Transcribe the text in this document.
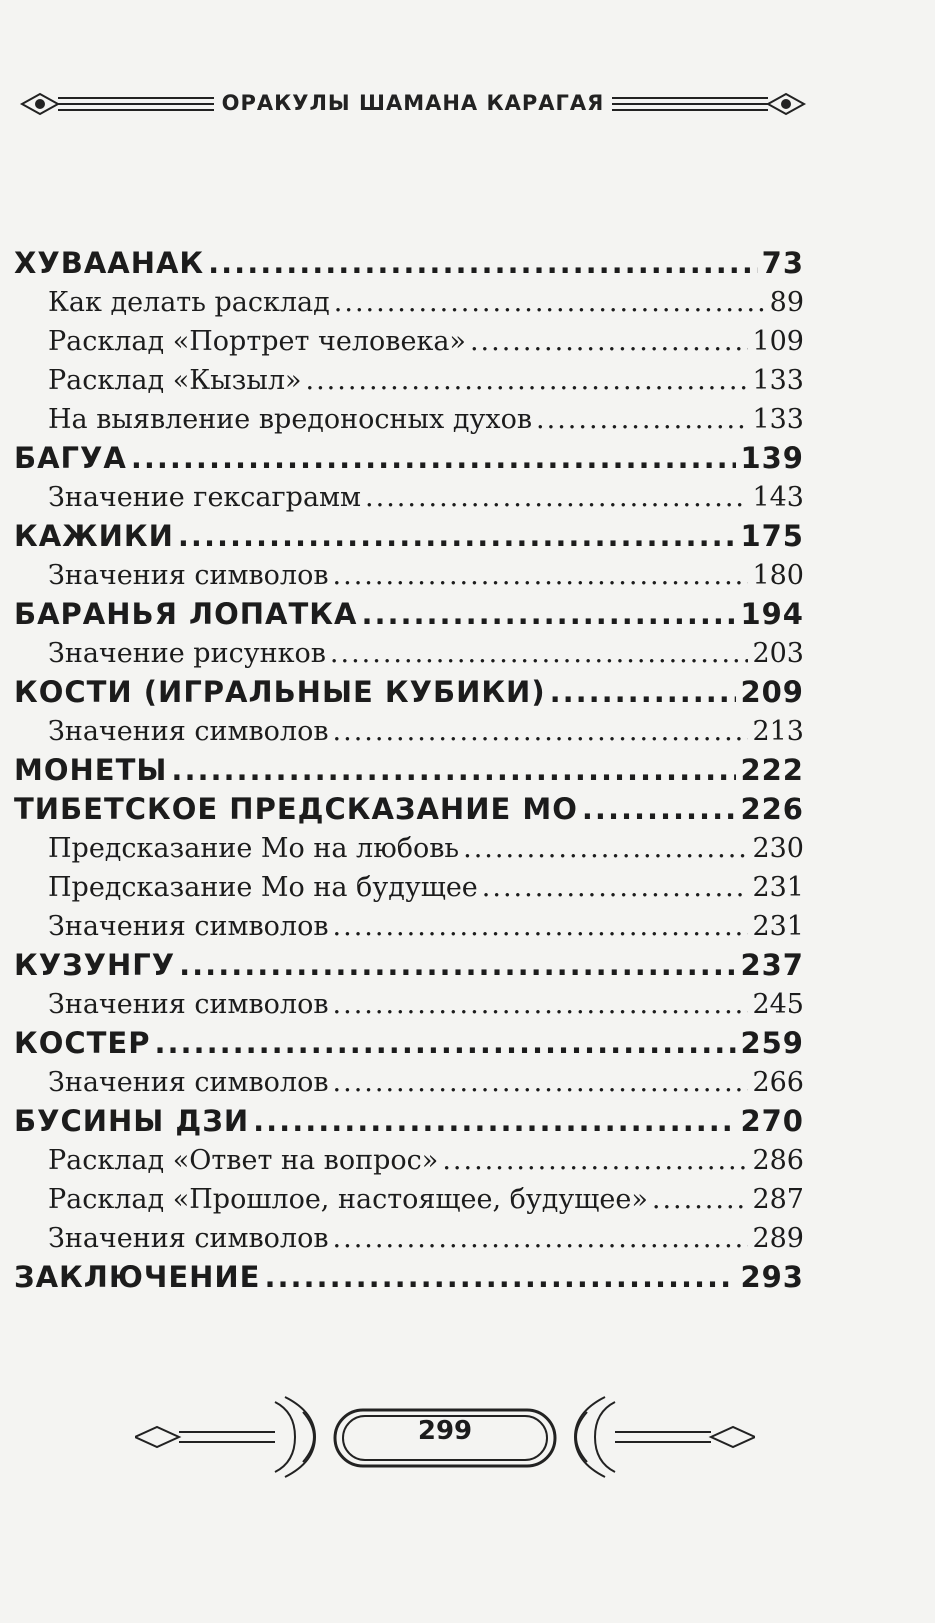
ОРАКУЛЫ ШАМАНА КАРАГАЯ
ХУВААНАК .....	73
Как делать расклад .....	89
Расклад «Портрет человека» .....	109
Расклад «Кызыл» .....	133
На выявление вредоносных духов .....	133
БАГУА .....	139
Значение гексаграмм .....	143
КАЖИКИ .....	175
Значения символов .....	180
БАРАНЬЯ ЛОПАТКА .....	194
Значение рисунков .....	203
КОСТИ (ИГРАЛЬНЫЕ КУБИКИ) .....	209
Значения символов .....	213
МОНЕТЫ .....	222
ТИБЕТСКОЕ ПРЕДСКАЗАНИЕ МО .....	226
Предсказание Мо на любовь .....	230
Предсказание Мо на будущее .....	231
Значения символов .....	231
КУЗУНГУ .....	237
Значения символов .....	245
КОСТЕР .....	259
Значения символов .....	266
БУСИНЫ ДЗИ .....	270
Расклад «Ответ на вопрос» .....	286
Расклад «Прошлое, настоящее, будущее» .....	287
Значения символов .....	289
ЗАКЛЮЧЕНИЕ .....	293
299
